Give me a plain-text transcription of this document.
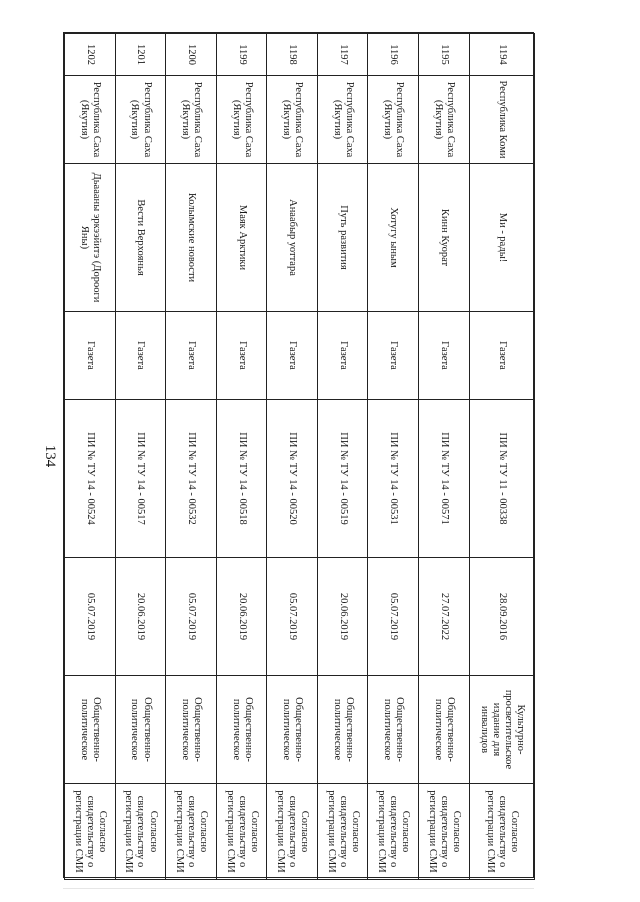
134
1194	Республика Коми	Ми - рады!	Газета	ПИ № ТУ 11 - 00338	28.09.2016	Культурно-просветительское издание для инвалидов	Согласно свидетельству о регистрации СМИ
1195	Республика Саха (Якутия)	Кинн Куорат	Газета	ПИ № ТУ 14 - 00571	27.07.2022	Общественно-политическое	Согласно свидетельству о регистрации СМИ
1196	Республика Саха (Якутия)	Хотугу ыным	Газета	ПИ № ТУ 14 - 00531	05.07.2019	Общественно-политическое	Согласно свидетельству о регистрации СМИ
1197	Республика Саха (Якутия)	Путь развития	Газета	ПИ № ТУ 14 - 00519	20.06.2019	Общественно-политическое	Согласно свидетельству о регистрации СМИ
1198	Республика Саха (Якутия)	Анаабыр уоттара	Газета	ПИ № ТУ 14 - 00520	05.07.2019	Общественно-политическое	Согласно свидетельству о регистрации СМИ
1199	Республика Саха (Якутия)	Маяк Арктики	Газета	ПИ № ТУ 14 - 00518	20.06.2019	Общественно-политическое	Согласно свидетельству о регистрации СМИ
1200	Республика Саха (Якутия)	Колымские новости	Газета	ПИ № ТУ 14 - 00532	05.07.2019	Общественно-политическое	Согласно свидетельству о регистрации СМИ
1201	Республика Саха (Якутия)	Вести Верхоянья	Газета	ПИ № ТУ 14 - 00517	20.06.2019	Общественно-политическое	Согласно свидетельству о регистрации СМИ
1202	Республика Саха (Якутия)	Дьаааны эркээйитэ (Дорооги Яны)	Газета	ПИ № ТУ 14 - 00524	05.07.2019	Общественно-политическое	Согласно свидетельству о регистрации СМИ
